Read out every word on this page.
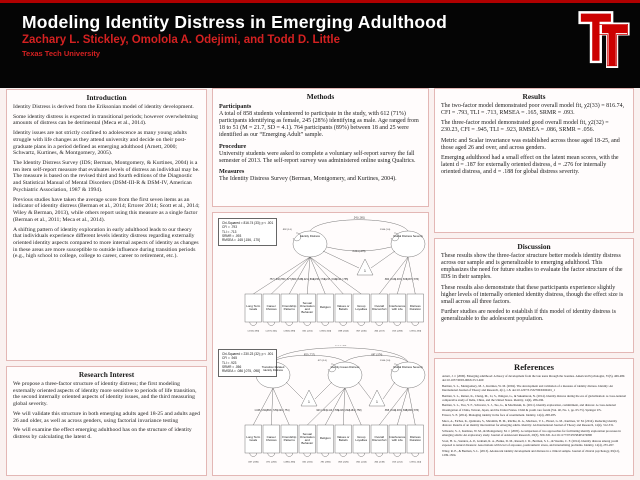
Modeling Identity Distress in Emerging Adulthood
Zachary L. Stickley, Omolola A. Odejimi, and Todd D. Little
Texas Tech University
Introduction

Identity Distress is derived from the Eriksonian model of identity development.

Some identity distress is expected in transitional periods; however overwhelming amounts of distress can be detrimental (Meca et al., 2014).

Identity issues are not strictly confined to adolescence as many young adults struggle with life changes as they attend university and decide on their post-graduate plans in a period defined as emerging adulthood (Arnett, 2000; Schwartz, Kurtines, & Montgomery, 2005).

The Identity Distress Survey (IDS; Berman, Montgomery, & Kurtines, 2004) is a ten item self-report measure that evaluates levels of distress an individual may be. The measure is based on the revised third and fourth editions of the Diagnostic and Statistical Manual of Mental Disorders (DSM-III-R & DSM-IV, American Psychiatric Association, 1987 & 1994).

Previous studies have taken the average score from the first seven items as an indicator of identity distress (Berman et al., 2014; Ertorer 2014; Scott et al., 2014; Wiley & Berman, 2013), while others report using this measure as a single factor (Berman et al., 2011; Meca et al., 2014).

A shifting pattern of identity exploration in early adulthood leads to our theory that individuals experience different levels identity distress regarding externally oriented identity aspects compared to more internal aspects of identity as changes in these areas are more susceptible to outside influence during transition periods (e.g., high school to college, college to career, career to retirement, etc.).

Research Interest

We propose a three-factor structure of identity distress; the first modeling externally oriented aspects of identity more sensitive to periods of life transition, the second internally oriented aspects of identity issues, and the third measuring global severity.

We will validate this structure in both emerging adults aged 18-25 and adults aged 26 and older, as well as across genders, using factorial invariance testing

We will examine the effect emerging adulthood has on the structure of identity distress by calculating the latent d.

Methods
Participants

A total of 858 students volunteered to participate in the study, with 612 (71%) participants identifying as female, 245 (28%) identifying as male. Age ranged from 18 to 51 (M = 21.7, SD = 4.1). 764 participants (89%) between 18 and 25 were identified as our “Emerging Adult” sample.

Procedure

University students were asked to complete a voluntary self-report survey the fall semester of 2013. The self-report survey was administered online using Qualtrics.

Measures

The Identity Distress Survey (Berman, Montgomery, and Kurtines, 2004).

.241 (.381)
2.244 (.675)
.992 (1.0)
.757 (.640) .786 (.677) .884 (.638)
1.021 (.894)
1.156 (.704)
1.217 (.810)
1.194 (.755)
1.554 (1.0)
.860 (.913)
1.015 (.847)
1.067 (.876)
1
1.194 (.590)	1.207 (.541)	1.384 (.593)	.941 (.201)	1.392 (.504)	.838 (.344)	.907 (.430)	.364 (.167)	.815 (.283)	1.391 (.233)
Chi-Squared = 816.74 (33); p < .001
CFI = .793
TLI = .713
SRMR = .093
RMSEA = .165 [.156, .175]
Identity Distress	Global Distress Severity
Long Term Goals
Career Choices
Friendship Patterns
Sexual Orientation and Behavior
Religion	Values or Beliefs
Group Loyalties
Overall Discomfort
Interference with Life
Distress Duration
.652 (.717)	.687 (.574)
.876 (.418)
1.046 (.811) .883 (.725)
1.021 (.751)
.571 (1.0)
.923 (.694) 1.110 (.706)
1.218 (.822)
1.184 (.758)
1.554 (1.0)
.858 (.912)
1.015 (.848)
1.066 (.876)
1	1
.847 (.336)	.871 (.282)	1.086 (.356)	.941 (.315)	.781 (.365)	.803 (.326)	.861 (.244)	.364 (.138)	.815 (.212)	1.391 (.144)
Chi-Squared = 230.23 (32); p < .001
CFI = .945
TLI = .923
SRMR = .056
RMSEA = .086 [.075, .098]
Transition Related Identity Distress
Identity Issues Distress	Global Distress Severity
Long Term Goals
Career Choices
Friendship Patterns
Sexual Orientation and Behavior
Religion	Values or Beliefs
Group Loyalties
Overall Discomfort
Interference with Life
Distress Duration
Results

The two-factor model demonstrated poor overall model fit, χ2(33) = 816.74, CFI = .793, TLI = .713, RMSEA = .165, SRMR = .093.

The three-factor model demonstrated good overall model fit, χ2(32) = 230.23, CFI = .945, TLI = .923, RMSEA = .086, SRMR = .056.

Metric and Scalar invariance was established across those aged 18-25, and those aged 26 and over, and across genders.

Emerging adulthood had a small effect on the latent mean scores, with the latent d = .187 for externally oriented distress, d = .276 for internally oriented distress, and d = .188 for global distress severity.

Discussion

These results show the three-factor structure better models identity distress across our sample and is generalizable to emerging adulthood. This emphasizes the need for future studies to evaluate the factor structure of the IDS in their samples.

These results also demonstrate that these participants experience slightly higher levels of internally oriented identity distress, though the effect size is small across all three factors.

Further studies are needed to establish if this model of identity distress is generalizable to the adolescent population.

References

Arnett, J. J. (2000). Emerging adulthood: A theory of development from the late teens through the twenties. American Psychologist, 55(5), 469-480. doi:10.1037/0003-066X.55.5.469

Berman, S. L., Montgomery, M. J., Kurtines, W. M. (2004). The development and validation of a measure of identity distress. Identity: An International Journal of Theory and Research, 4(1), 1-8. doi:10.1207/S1532706XID0401_1

Berman, S. L., Ratner, K., Cheng, M., Li, S., Jhingon, G., & Sukumaran, N. (2014). Identity distress during the era of globalization: A cross-national comparative study of India, China, and the United States. Identity, 14(4), 286-296.

Berman, S. L., You, Y. F., Schwartz, S. J., Teo, G., & Mochizuki, K. (2011). Identity exploration, commitment, and distress: A cross-national investigation of China, Taiwan, Japan, and the United States. Child & youth care forum (Vol. 40, No. 1, pp. 65-75). Springer US.

Ertorer, S. E. (2014). Managing identity in the face of resettlement. Identity, 14(4), 268-285.

Meca, A., Eichas, K., Quintana, S., Maximin, B. M., Ritchie, R. A., Madrazo, V. L., Harari, G. M., Kurtines, W. M. (2014). Reducing identity distress: Results of an identity intervention for emerging adults. Identity: An International Journal of Theory and Research, 14(4), 312-331.

Schwartz, S. J., Kurtines, W. M., & Montgomery, M. J. (2005). A comparison of two approaches for facilitating identity exploration processes in emerging adults: An exploratory study. Journal of Adolescent Research, 20(3), 309-345. doi:10.1177/0743558405274890

Scott, H. G., Sanders, A. P., Graham, R. A., Banks, D. M., Russell, J. D., Berman, S. L., & Weems, C. F. (2014). Identity distress among youth exposed to natural disasters: Associations with level of exposure, posttraumatic stress, and internalizing problems. Identity, 14(4), 255-267.

Wiley, R. E., & Berman, S. L. (2013). Adolescent identity development and distress in a clinical sample. Journal of clinical psychology, 69(12), 1299-1304.
